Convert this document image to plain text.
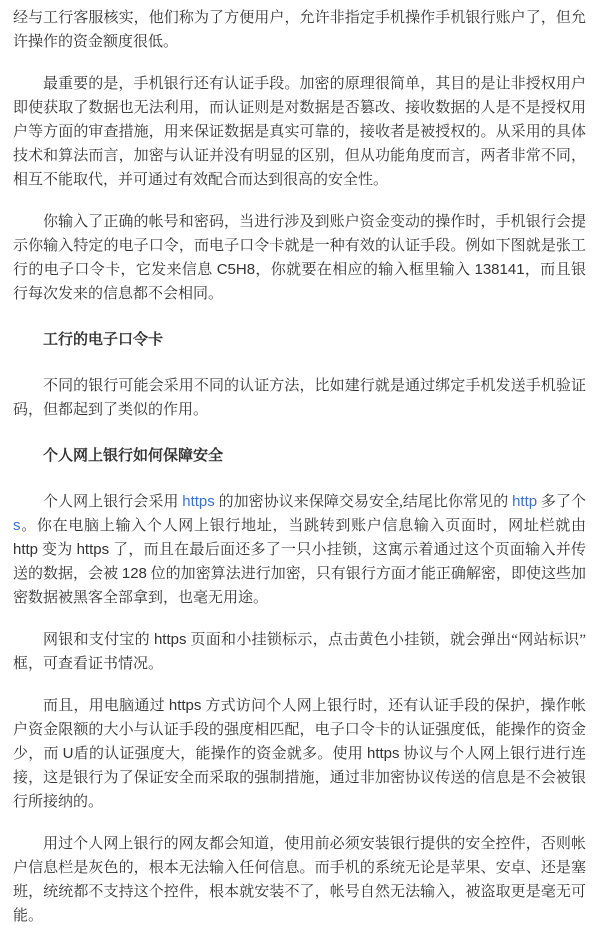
经与工行客服核实，他们称为了方便用户，允许非指定手机操作手机银行账户了，但允许操作的资金额度很低。

最重要的是，手机银行还有认证手段。加密的原理很简单，其目的是让非授权用户即使获取了数据也无法利用，而认证则是对数据是否篡改、接收数据的人是不是授权用户等方面的审查措施，用来保证数据是真实可靠的，接收者是被授权的。从采用的具体技术和算法而言，加密与认证并没有明显的区别，但从功能角度而言，两者非常不同，相互不能取代，并可通过有效配合而达到很高的安全性。

你输入了正确的帐号和密码，当进行涉及到账户资金变动的操作时，手机银行会提示你输入特定的电子口令，而电子口令卡就是一种有效的认证手段。例如下图就是张工行的电子口令卡，它发来信息 C5H8，你就要在相应的输入框里输入 138141，而且银行每次发来的信息都不会相同。

工行的电子口令卡

不同的银行可能会采用不同的认证方法，比如建行就是通过绑定手机发送手机验证码，但都起到了类似的作用。

个人网上银行如何保障安全

个人网上银行会采用 https 的加密协议来保障交易安全,结尾比你常见的 http 多了个 s。你在电脑上输入个人网上银行地址，当跳转到账户信息输入页面时，网址栏就由 http 变为 https 了，而且在最后面还多了一只小挂锁，这寓示着通过这个页面输入并传送的数据，会被 128 位的加密算法进行加密，只有银行方面才能正确解密，即使这些加密数据被黑客全部拿到，也毫无用途。

网银和支付宝的 https 页面和小挂锁标示，点击黄色小挂锁，就会弹出“网站标识”框，可查看证书情况。

而且，用电脑通过 https 方式访问个人网上银行时，还有认证手段的保护，操作帐户资金限额的大小与认证手段的强度相匹配，电子口令卡的认证强度低，能操作的资金少，而 U盾的认证强度大，能操作的资金就多。使用 https 协议与个人网上银行进行连接，这是银行为了保证安全而采取的强制措施，通过非加密协议传送的信息是不会被银行所接纳的。

用过个人网上银行的网友都会知道，使用前必须安装银行提供的安全控件，否则帐户信息栏是灰色的，根本无法输入任何信息。而手机的系统无论是苹果、安卓、还是塞班，统统都不支持这个控件，根本就安装不了，帐号自然无法输入，被盗取更是毫无可能。
